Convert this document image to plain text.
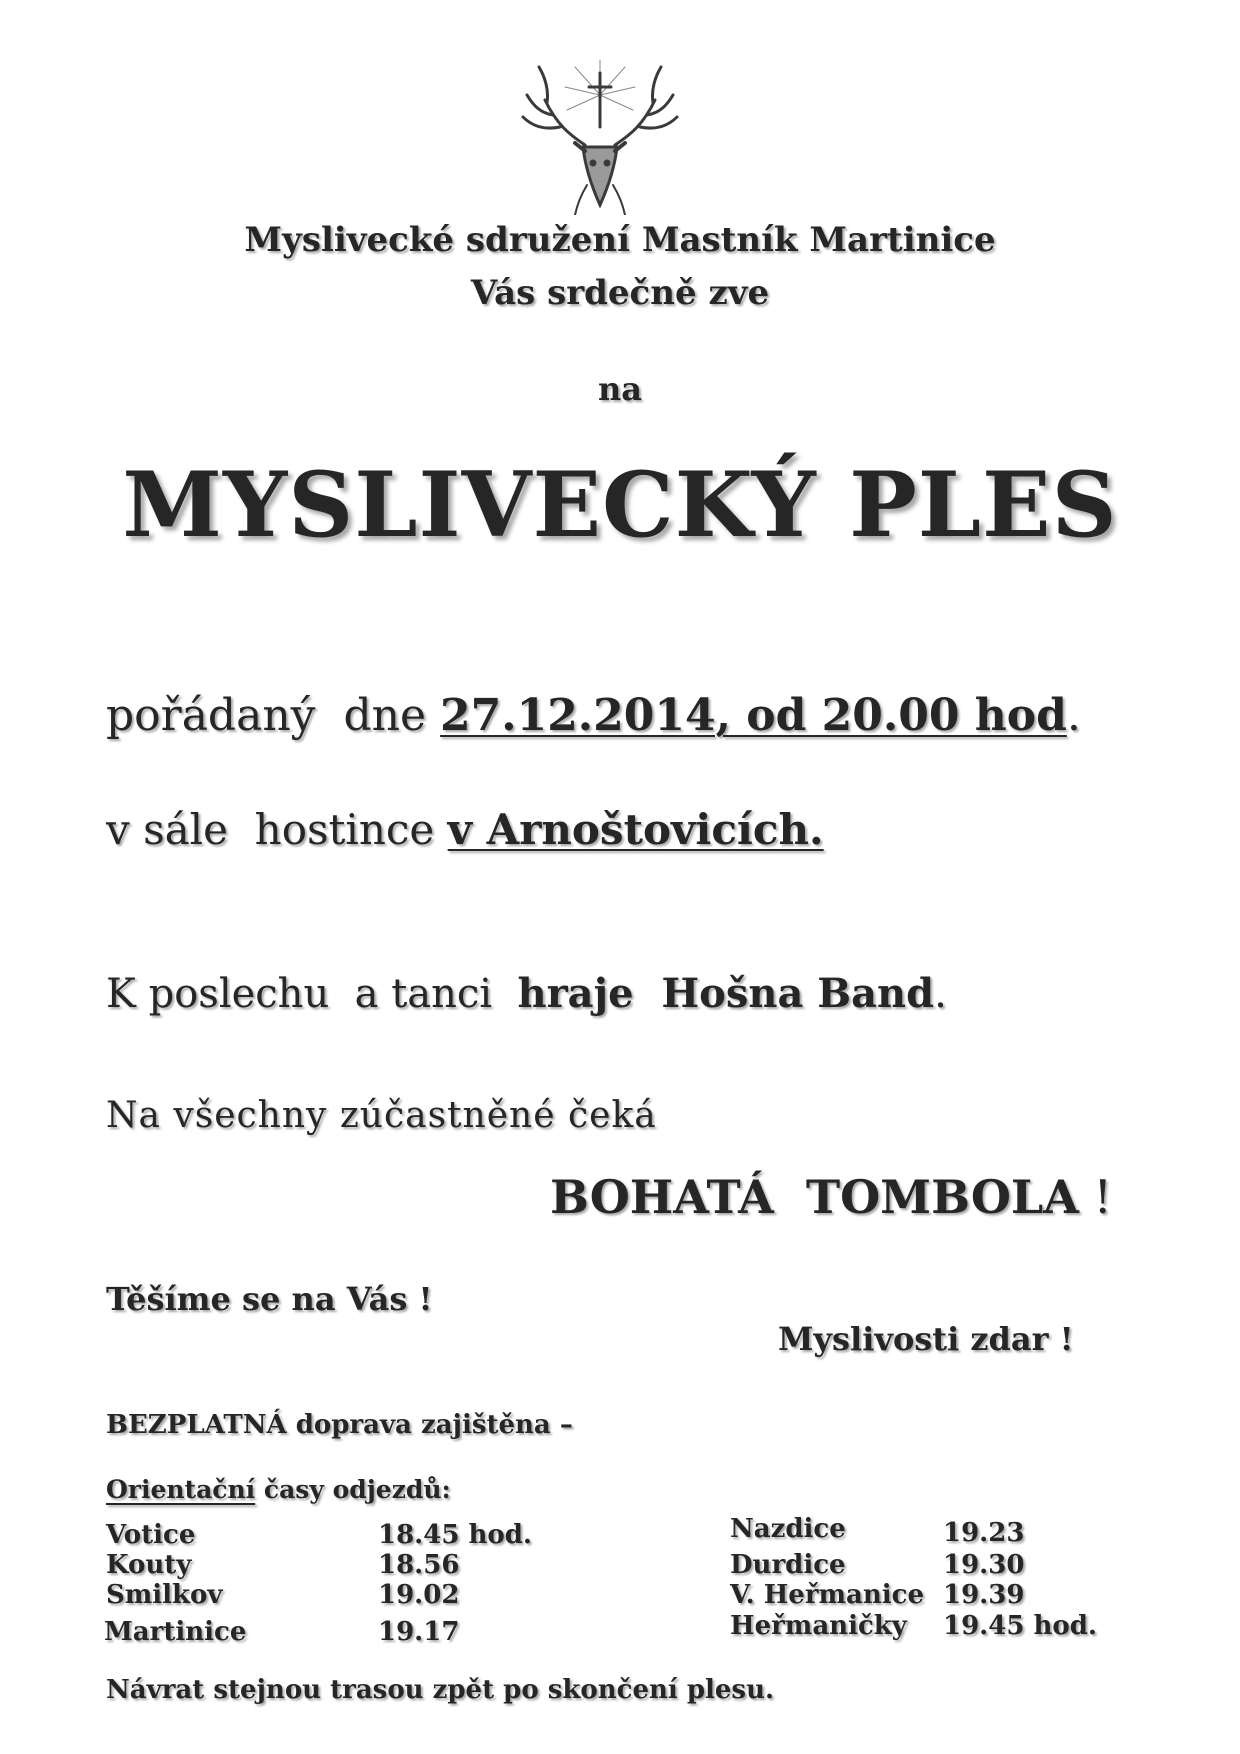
Myslivecké sdružení Mastník Martinice
Vás srdečně zve
na
MYSLIVECKÝ PLES
pořádaný  dne 27.12.2014, od 20.00 hod.
v sále  hostince v Arnoštovicích.
K poslechu  a tanci  hraje  Hošna Band.
Na všechny zúčastněné čeká
BOHATÁ  TOMBOLA !
Těšíme se na Vás !
Myslivosti zdar !
BEZPLATNÁ doprava zajištěna –
Orientační časy odjezdů:
Votice	18.45 hod.
Kouty	18.56
Smilkov	19.02
Martinice	19.17
Nazdice	19.23
Durdice	19.30
V. Heřmanice 19.39
Heřmaničky 19.45 hod.
Návrat stejnou trasou zpět po skončení plesu.
